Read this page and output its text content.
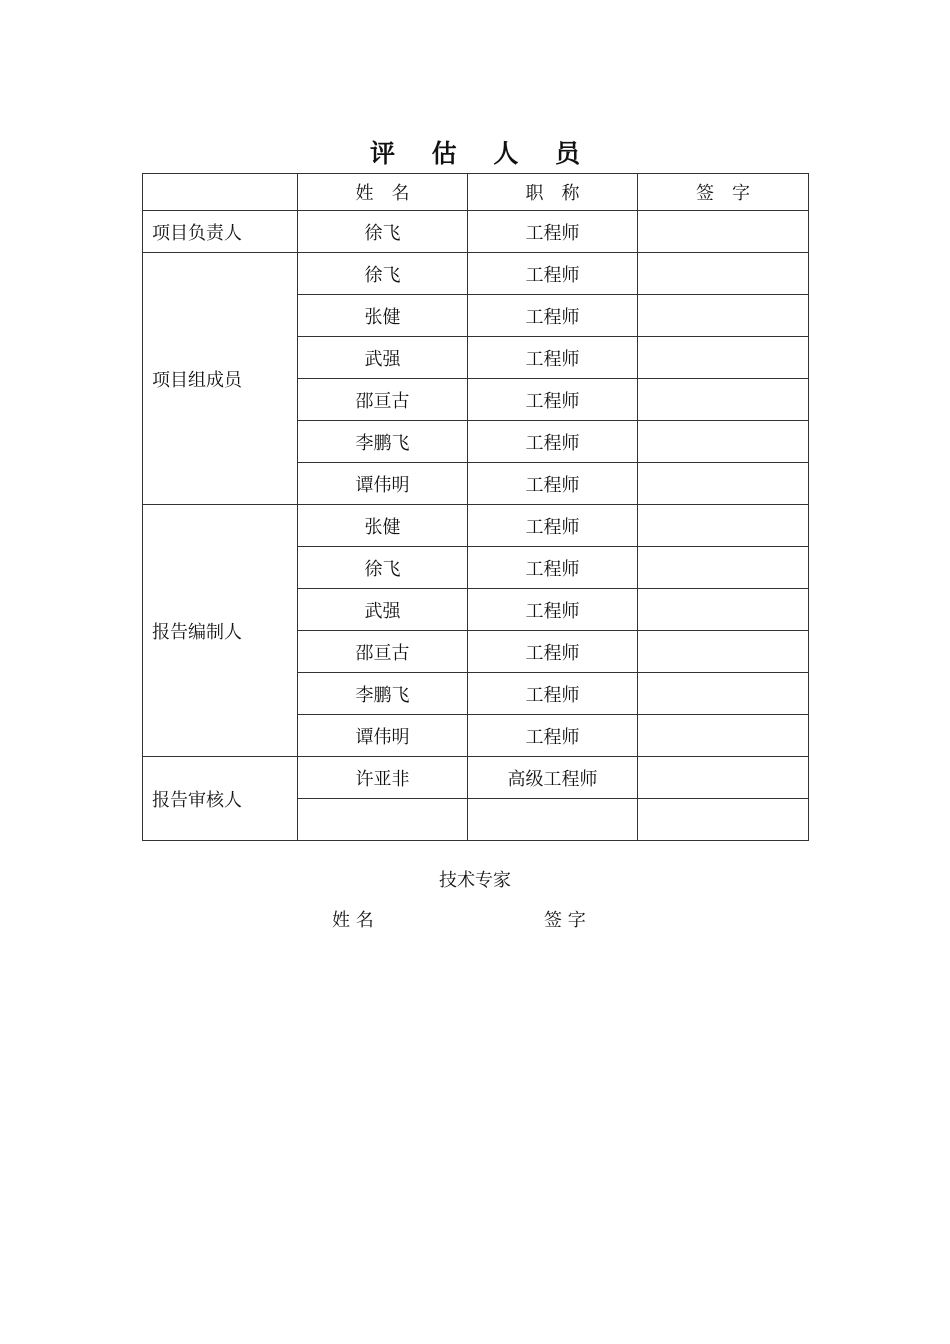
评 估 人 员
	姓　名	职　称	签　字
项目负责人	徐飞	工程师	
项目组成员	徐飞	工程师	
	张健	工程师	
	武强	工程师	
	邵亘古	工程师	
	李鹏飞	工程师	
	谭伟明	工程师	
报告编制人	张健	工程师	
	徐飞	工程师	
	武强	工程师	
	邵亘古	工程师	
	李鹏飞	工程师	
	谭伟明	工程师	
报告审核人	许亚非	高级工程师	

技术专家
姓 名	签 字
